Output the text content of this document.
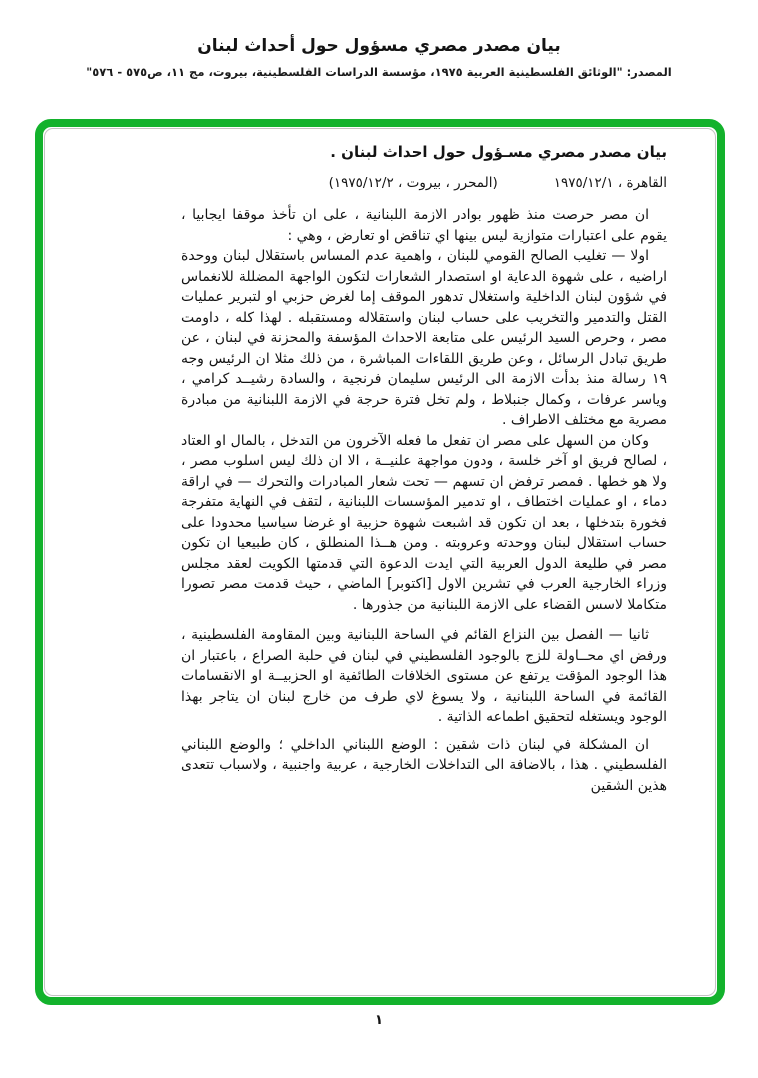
بيان مصدر مصري مسؤول حول أحداث لبنان
المصدر: "الوثائق الفلسطينية العربية ١٩٧٥، مؤسسة الدراسات الفلسطينية، بيروت، مج ١١، ص٥٧٥ - ٥٧٦"
بيان مصدر مصري مسـؤول حول احداث لبنان .
القاهرة ، ١٩٧٥/١٢/١
(المحرر ، بيروت ، ١٩٧٥/١٢/٢)

ان مصر حرصت منذ ظهور بوادر الازمة اللبنانية ، على ان تأخذ موقفا ايجابيا ، يقوم على اعتبارات متوازية ليس بينها اي تناقض او تعارض ، وهي :

اولا — تغليب الصالح القومي للبنان ، واهمية عدم المساس باستقلال لبنان ووحدة اراضيه ، على شهوة الدعاية او استصدار الشعارات لتكون الواجهة المضللة للانغماس في شؤون لبنان الداخلية واستغلال تدهور الموقف إما لغرض حزبي او لتبرير عمليات القتل والتدمير والتخريب على حساب لبنان واستقلاله ومستقبله . لهذا كله ، داومت مصر ، وحرص السيد الرئيس على متابعة الاحداث المؤسفة والمحزنة في لبنان ، عن طريق تبادل الرسائل ، وعن طريق اللقاءات المباشرة ، من ذلك مثلا ان الرئيس وجه ١٩ رسالة منذ بدأت الازمة الى الرئيس سليمان فرنجية ، والسادة رشيــد كرامي ، وياسر عرفات ، وكمال جنبلاط ، ولم تخل فترة حرجة في الازمة اللبنانية من مبادرة مصرية مع مختلف الاطراف .

وكان من السهل على مصر ان تفعل ما فعله الآخرون من التدخل ، بالمال او العتاد ، لصالح فريق او آخر خلسة ، ودون مواجهة علنيــة ، الا ان ذلك ليس اسلوب مصر ، ولا هو خطها . فمصر ترفض ان تسهم — تحت شعار المبادرات والتحرك — في اراقة دماء ، او عمليات اختطاف ، او تدمير المؤسسات اللبنانية ، لتقف في النهاية متفرجة فخورة بتدخلها ، بعد ان تكون قد اشبعت شهوة حزبية او غرضا سياسيا محدودا على حساب استقلال لبنان ووحدته وعروبته . ومن هــذا المنطلق ، كان طبيعيا ان تكون مصر في طليعة الدول العربية التي ايدت الدعوة التي قدمتها الكويت لعقد مجلس وزراء الخارجية العرب في تشرين الاول [اكتوبر] الماضي ، حيث قدمت مصر تصورا متكاملا لاسس القضاء على الازمة اللبنانية من جذورها .

ثانيا — الفصل بين النزاع القائم في الساحة اللبنانية وبين المقاومة الفلسطينية ، ورفض اي محــاولة للزج بالوجود الفلسطيني في لبنان في حلبة الصراع ، باعتبار ان هذا الوجود المؤقت يرتفع عن مستوى الخلافات الطائفية او الحزبيــة او الانقسامات القائمة في الساحة اللبنانية ، ولا يسوغ لاي طرف من خارج لبنان ان يتاجر بهذا الوجود ويستغله لتحقيق اطماعه الذاتية .

ان المشكلة في لبنان ذات شقين : الوضع اللبناني الداخلي ؛ والوضع اللبناني الفلسطيني . هذا ، بالاضافة الى التداخلات الخارجية ، عربية واجنبية ، ولاسباب تتعدى هذين الشقين

١
